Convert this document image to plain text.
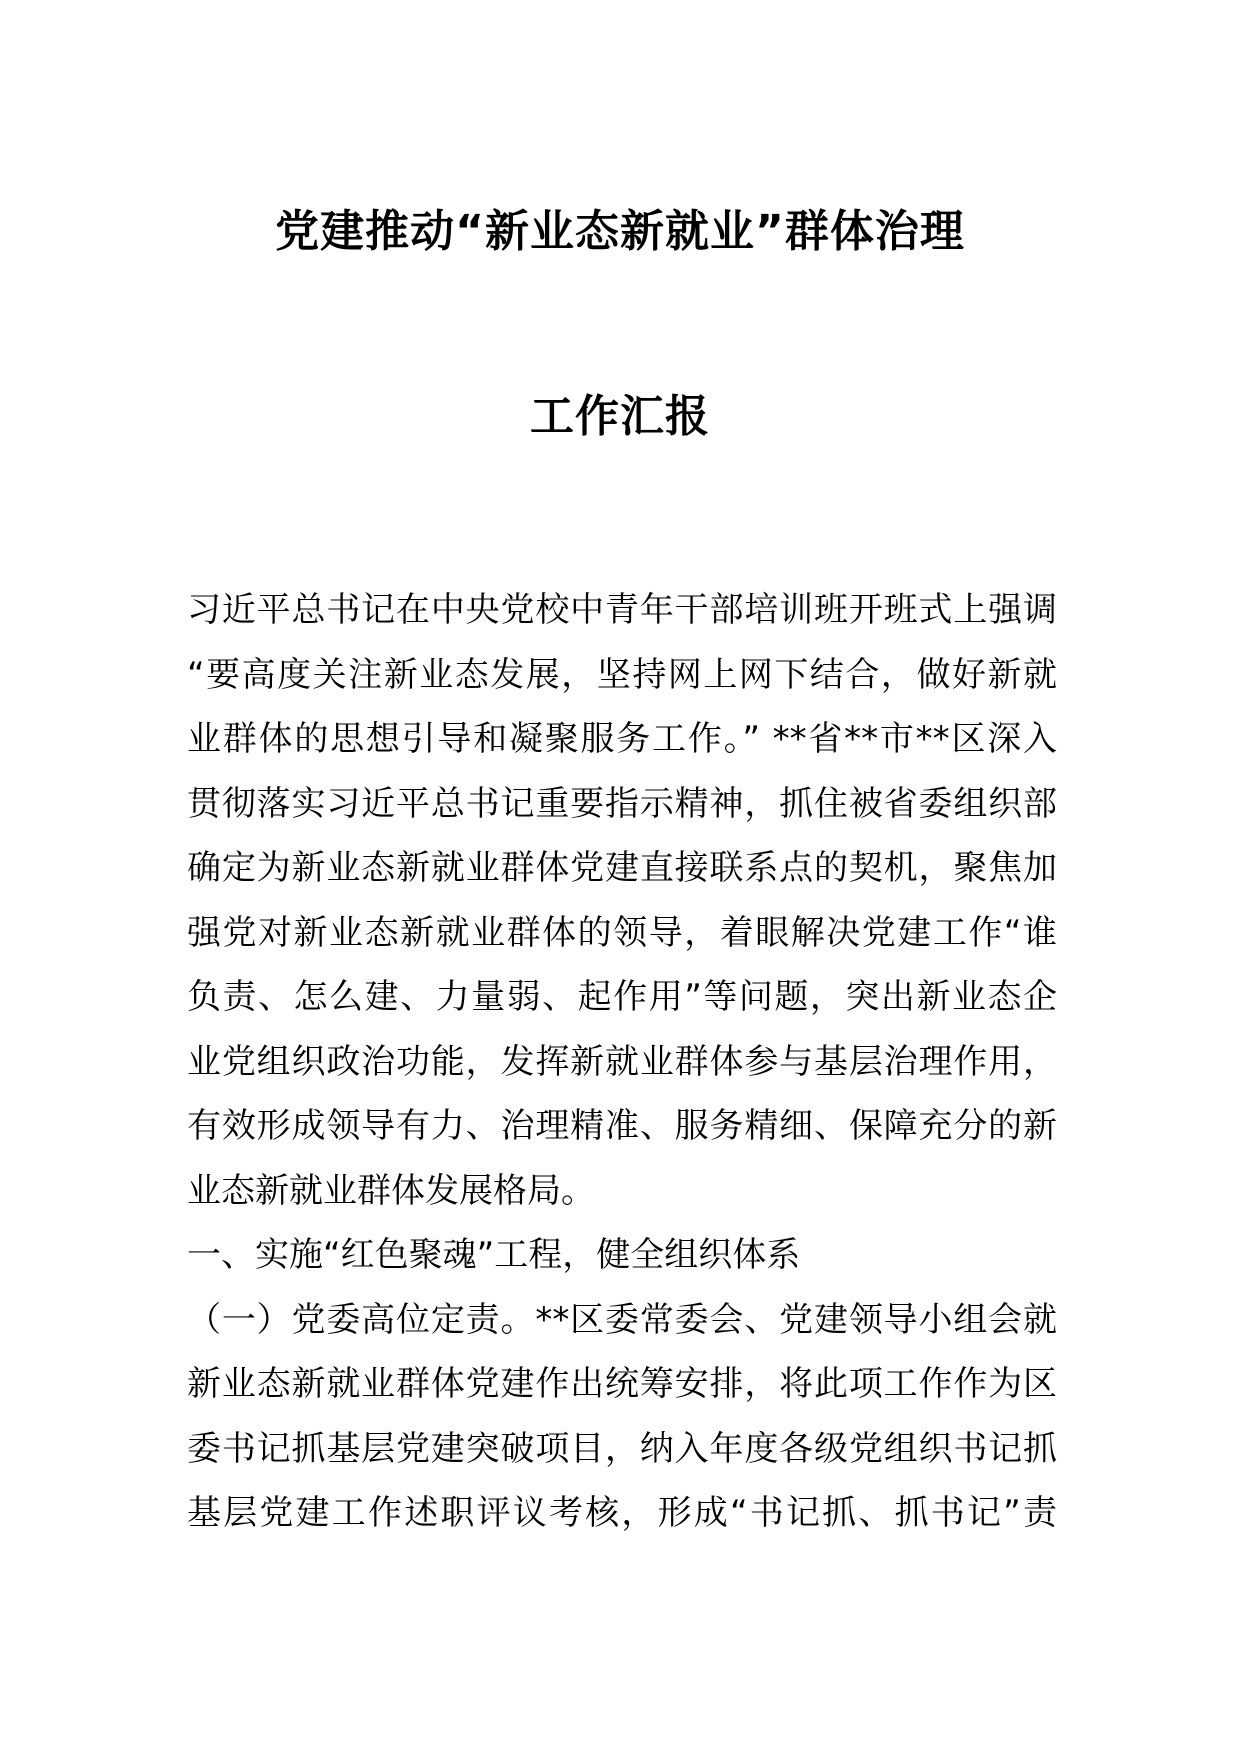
党建推动“新业态新就业”群体治理
工作汇报
习近平总书记在中央党校中青年干部培训班开班式上强调
“要高度关注新业态发展，坚持网上网下结合，做好新就
业群体的思想引导和凝聚服务工作。” **省**市**区深入
贯彻落实习近平总书记重要指示精神，抓住被省委组织部
确定为新业态新就业群体党建直接联系点的契机，聚焦加
强党对新业态新就业群体的领导，着眼解决党建工作“谁
负责、怎么建、力量弱、起作用”等问题，突出新业态企
业党组织政治功能，发挥新就业群体参与基层治理作用，
有效形成领导有力、治理精准、服务精细、保障充分的新
业态新就业群体发展格局。
一、实施“红色聚魂”工程，健全组织体系
（一）党委高位定责。**区委常委会、党建领导小组会就
新业态新就业群体党建作出统筹安排，将此项工作作为区
委书记抓基层党建突破项目，纳入年度各级党组织书记抓
基层党建工作述职评议考核，形成“书记抓、抓书记”责
